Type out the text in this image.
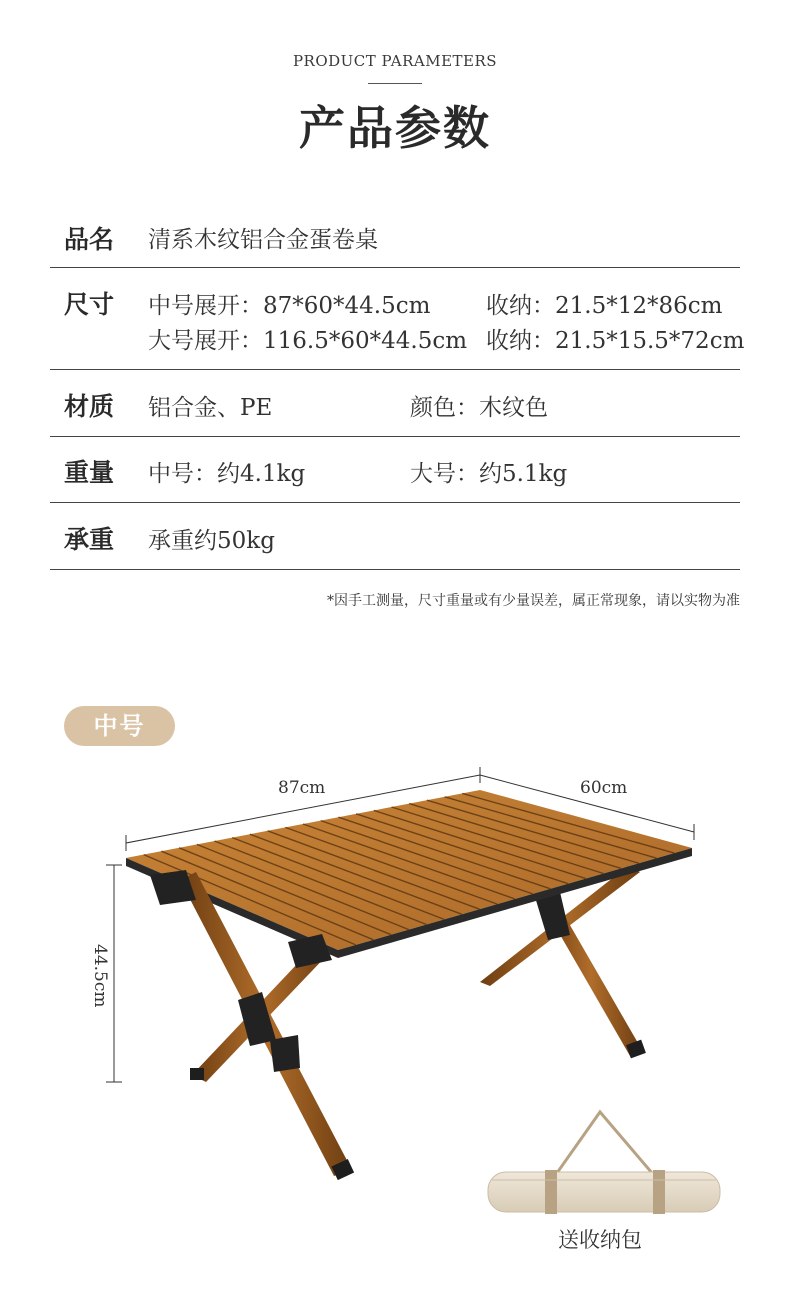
PRODUCT PARAMETERS
产品参数
品名 清系木纹铝合金蛋卷桌
尺寸 中号展开：87*60*44.5cm 收纳：21.5*12*86cm
大号展开：116.5*60*44.5cm 收纳：21.5*15.5*72cm
材质 铝合金、PE	颜色：木纹色
重量 中号：约4.1kg	大号：约5.1kg
承重 承重约50kg
*因手工测量，尺寸重量或有少量误差，属正常现象，请以实物为准
中号
87cm	60cm
44.5cm
送收纳包
